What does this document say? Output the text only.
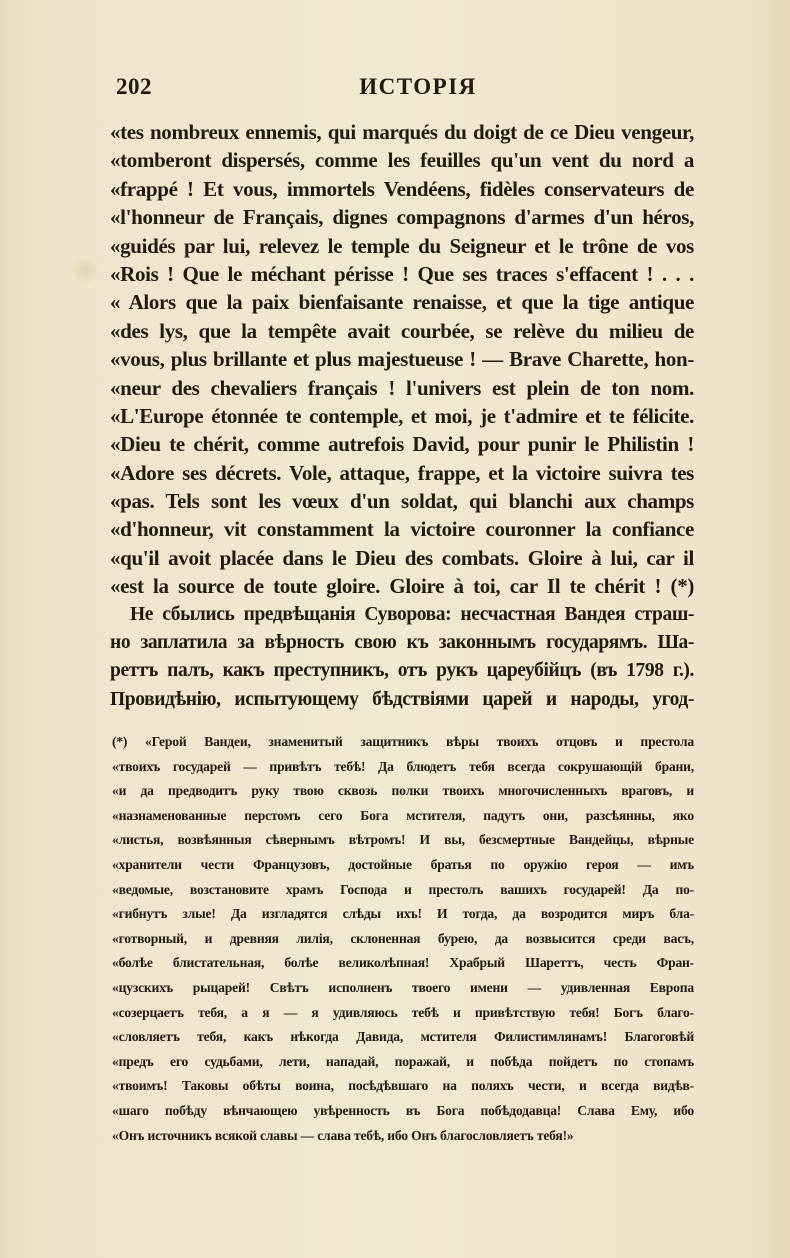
202	ИСТОРІЯ
«tes nombreux ennemis, qui marqués du doigt de ce Dieu vengeur,
«tomberont dispersés, comme les feuilles qu'un vent du nord a
«frappé ! Et vous, immortels Vendéens, fidèles conservateurs de
«l'honneur de Français, dignes compagnons d'armes d'un héros,
«guidés par lui, relevez le temple du Seigneur et le trône de vos
«Rois ! Que le méchant périsse ! Que ses traces s'effacent ! . . .
« Alors que la paix bienfaisante renaisse, et que la tige antique
«des lys, que la tempête avait courbée, se relève du milieu de
«vous, plus brillante et plus majestueuse ! — Brave Charette, hon-
«neur des chevaliers français ! l'univers est plein de ton nom.
«L'Europe étonnée te contemple, et moi, je t'admire et te félicite.
«Dieu te chérit, comme autrefois David, pour punir le Philistin !
«Adore ses décrets. Vole, attaque, frappe, et la victoire suivra tes
«pas. Tels sont les vœux d'un soldat, qui blanchi aux champs
«d'honneur, vit constamment la victoire couronner la confiance
«qu'il avoit placée dans le Dieu des combats. Gloire à lui, car il
«est la source de toute gloire. Gloire à toi, car Il te chérit ! (*)
Не сбылись предвѣщанія Суворова: несчастная Вандея страш-
но заплатила за вѣрность свою къ законнымъ государямъ. Ша-
реттъ палъ, какъ преступникъ, отъ рукъ цареубійцъ (въ 1798 г.).
Провидѣнію, испытующему бѣдствіями царей и народы, угод-
(*) «Герой Вандеи, знаменитый защитникъ вѣры твоихъ отцовъ и престола
«твоихъ государей — привѣтъ тебѣ! Да блюдетъ тебя всегда сокрушающій брани,
«и да предводитъ руку твою сквозь полки твоихъ многочисленныхъ враговъ, и
«назнаменованные перстомъ сего Бога мстителя, падутъ они, разсѣянны, яко
«листья, возвѣянныя сѣвернымъ вѣтромъ! И вы, безсмертные Вандейцы, вѣрные
«хранители чести Французовъ, достойные братья по оружію героя — имъ
«ведомые, возстановите храмъ Господа и престолъ вашихъ государей! Да по-
«гибнутъ злые! Да изгладятся слѣды ихъ! И тогда, да возродится миръ бла-
«готворный, и древняя лилія, склоненная бурею, да возвысится среди васъ,
«болѣе блистательная, болѣе великолѣпная! Храбрый Шареттъ, честь Фран-
«цузскихъ рыцарей! Свѣтъ исполненъ твоего имени — удивленная Европа
«созерцаетъ тебя, а я — я удивляюсь тебѣ и привѣтствую тебя! Богъ благо-
«словляетъ тебя, какъ нѣкогда Давида, мстителя Филистимлянамъ! Благоговѣй
«предъ его судьбами, лети, нападай, поражай, и побѣда пойдетъ по стопамъ
«твоимъ! Таковы обѣты воина, посѣдѣвшаго на поляхъ чести, и всегда видѣв-
«шаго побѣду вѣнчающею увѣренность въ Бога побѣдодавца! Слава Ему, ибо
«Онъ источникъ всякой славы — слава тебѣ, ибо Онъ благословляетъ тебя!»
